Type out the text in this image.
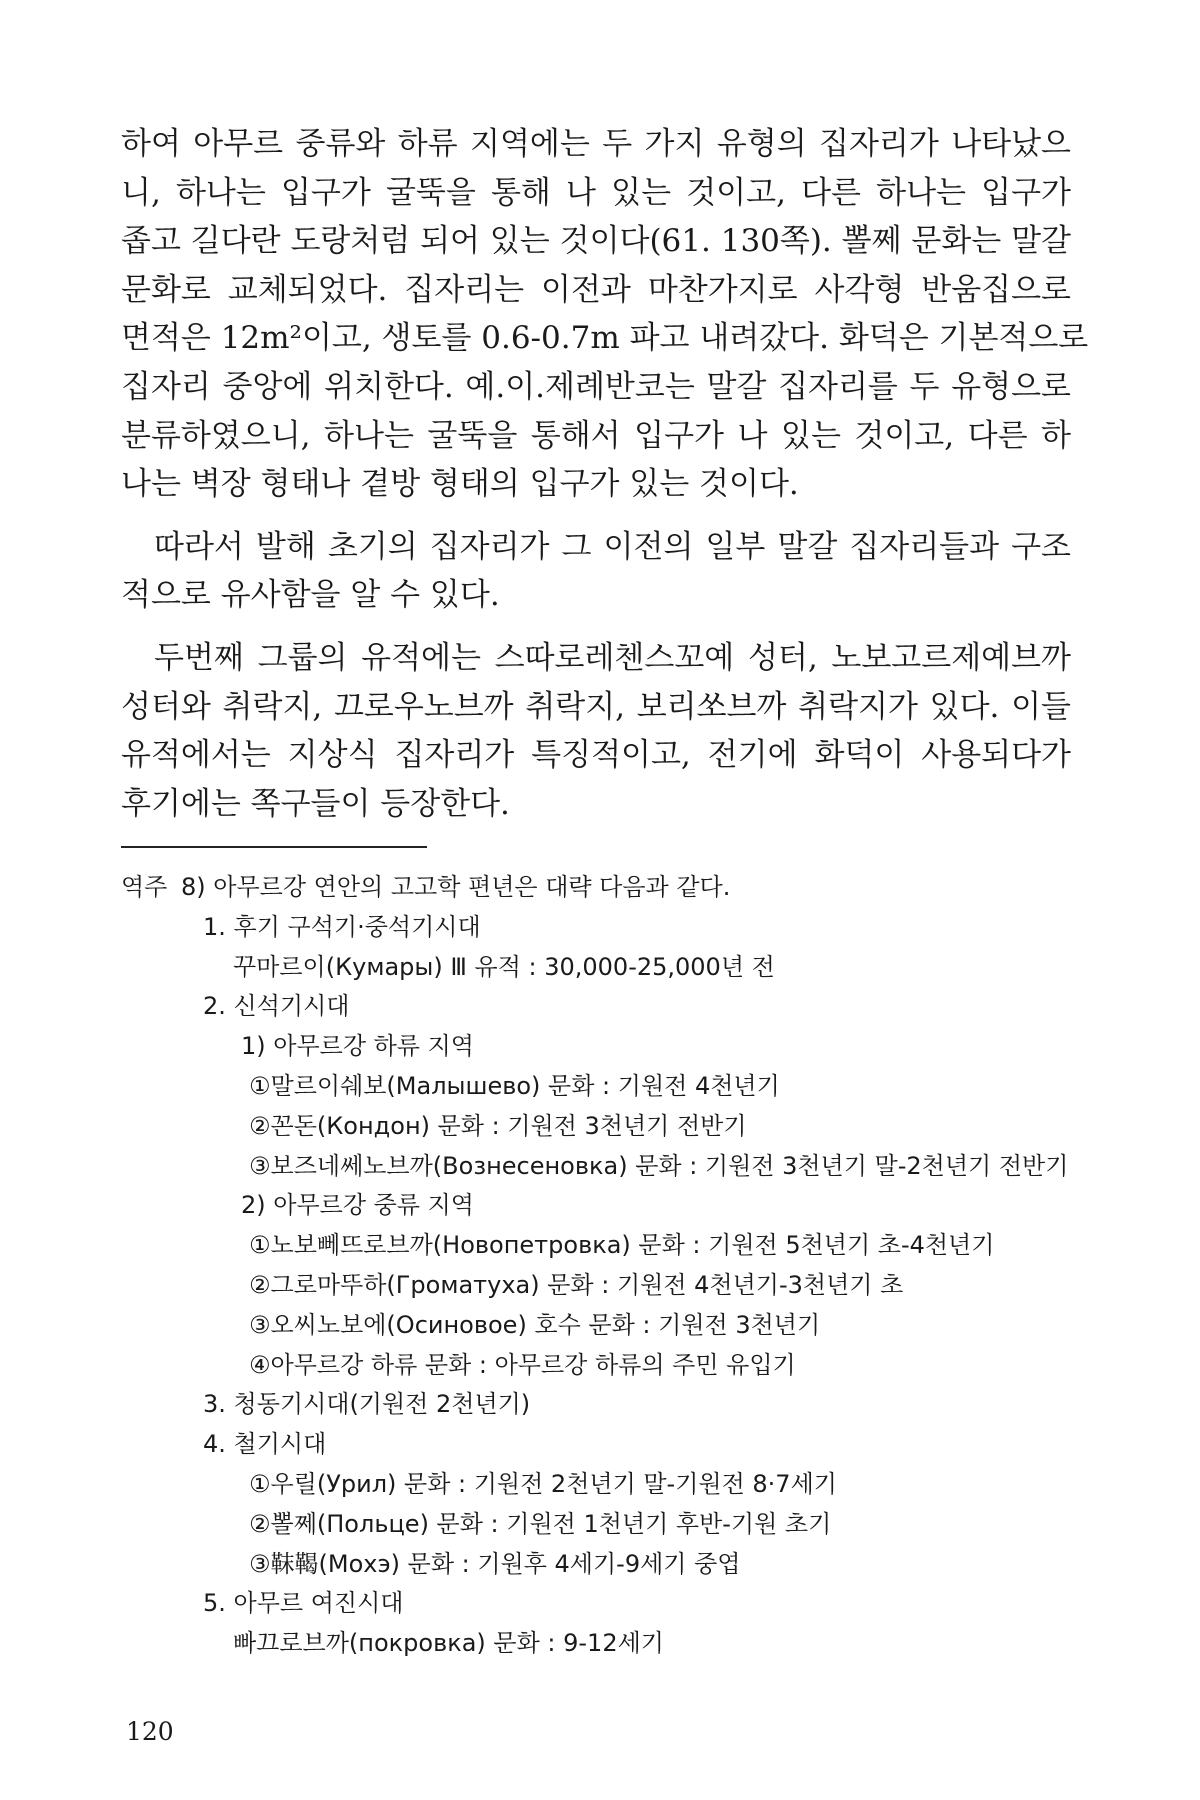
하여 아무르 중류와 하류 지역에는 두 가지 유형의 집자리가 나타났으
니, 하나는 입구가 굴뚝을 통해 나 있는 것이고, 다른 하나는 입구가
좁고 길다란 도랑처럼 되어 있는 것이다(61. 130쪽). 뽈쩨 문화는 말갈
문화로 교체되었다. 집자리는 이전과 마찬가지로 사각형 반움집으로
면적은 12m²이고, 생토를 0.6-0.7m 파고 내려갔다. 화덕은 기본적으로
집자리 중앙에 위치한다. 예.이.제례반코는 말갈 집자리를 두 유형으로
분류하였으니, 하나는 굴뚝을 통해서 입구가 나 있는 것이고, 다른 하
나는 벽장 형태나 곁방 형태의 입구가 있는 것이다.
따라서 발해 초기의 집자리가 그 이전의 일부 말갈 집자리들과 구조
적으로 유사함을 알 수 있다.
두번째 그룹의 유적에는 스따로레첸스꼬예 성터, 노보고르제예브까
성터와 취락지, 끄로우노브까 취락지, 보리쏘브까 취락지가 있다. 이들
유적에서는 지상식 집자리가 특징적이고, 전기에 화덕이 사용되다가
후기에는 쪽구들이 등장한다.
역주 8) 아무르강 연안의 고고학 편년은 대략 다음과 같다.
1. 후기 구석기·중석기시대
꾸마르이(Кумары) Ⅲ 유적 : 30,000-25,000년 전
2. 신석기시대
1) 아무르강 하류 지역
①말르이쉐보(Малышево) 문화 : 기원전 4천년기
②꼰돈(Кондон) 문화 : 기원전 3천년기 전반기
③보즈네쎄노브까(Вознесеновка) 문화 : 기원전 3천년기 말-2천년기 전반기
2) 아무르강 중류 지역
①노보뻬뜨로브까(Новопетровка) 문화 : 기원전 5천년기 초-4천년기
②그로마뚜하(Громатуха) 문화 : 기원전 4천년기-3천년기 초
③오씨노보에(Осиновое) 호수 문화 : 기원전 3천년기
④아무르강 하류 문화 : 아무르강 하류의 주민 유입기
3. 청동기시대(기원전 2천년기)
4. 철기시대
①우릴(Урил) 문화 : 기원전 2천년기 말-기원전 8·7세기
②뽈쩨(Польце) 문화 : 기원전 1천년기 후반-기원 초기
③靺鞨(Мохэ) 문화 : 기원후 4세기-9세기 중엽
5. 아무르 여진시대
빠끄로브까(покровка) 문화 : 9-12세기
120
